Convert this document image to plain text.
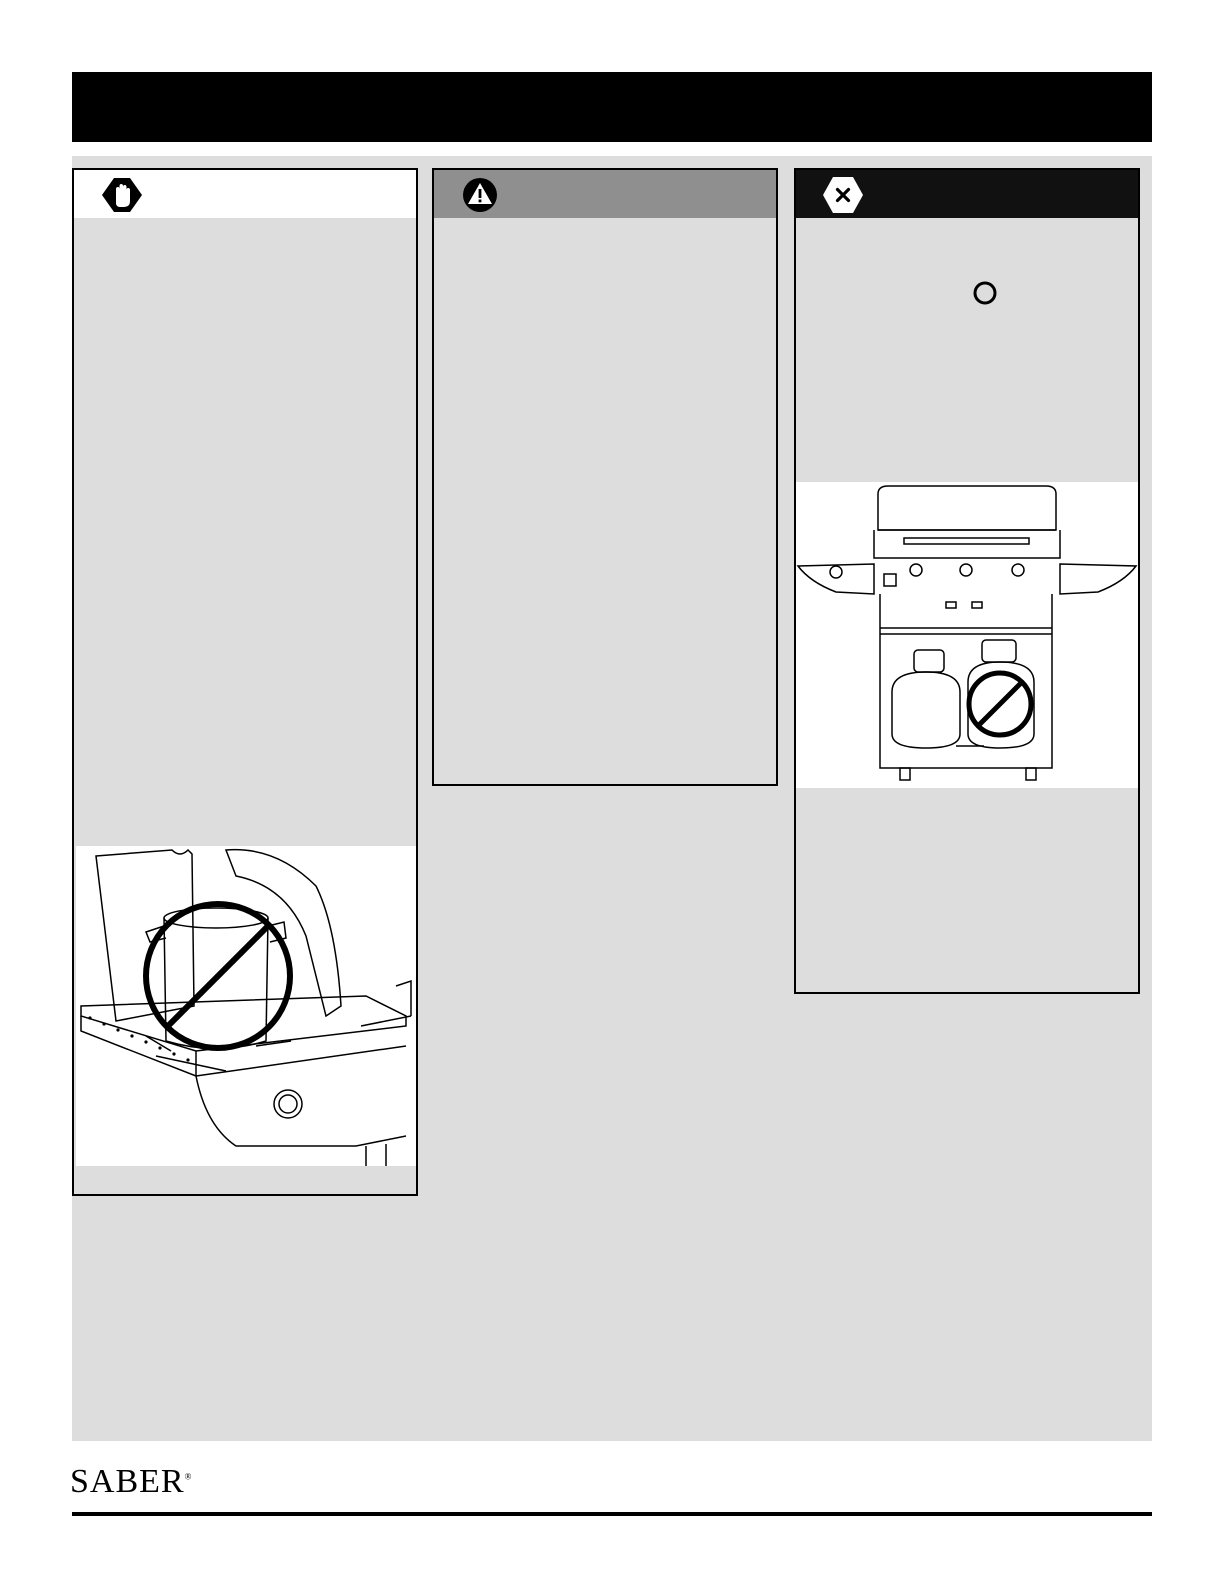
SABER®
